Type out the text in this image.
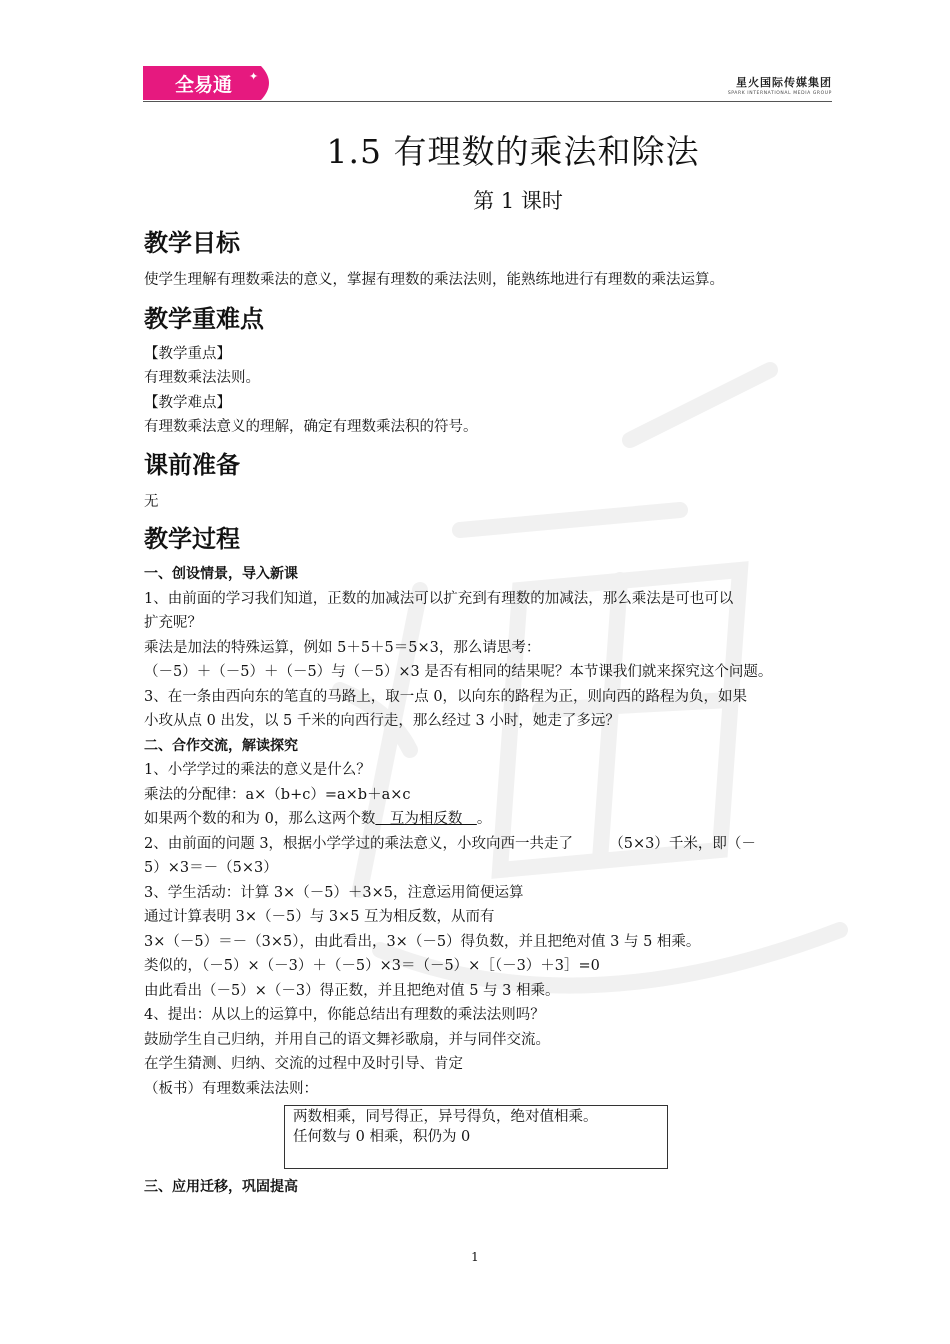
全易通 ✦	星火国际传媒集团
SPARK INTERNATIONAL MEDIA GROUP
1.5 有理数的乘法和除法
第 1 课时
教学目标
使学生理解有理数乘法的意义，掌握有理数的乘法法则，能熟练地进行有理数的乘法运算。
教学重难点
【教学重点】
有理数乘法法则。
【教学难点】
有理数乘法意义的理解，确定有理数乘法积的符号。
课前准备
无
教学过程
一、创设情景，导入新课
1、由前面的学习我们知道，正数的加减法可以扩充到有理数的加减法，那么乘法是可也可以
扩充呢？
乘法是加法的特殊运算，例如 5＋5＋5＝5×3，那么请思考：
（－5）＋（－5）＋（－5）与（－5）×3 是否有相同的结果呢？本节课我们就来探究这个问题。
3、在一条由西向东的笔直的马路上，取一点 0，以向东的路程为正，则向西的路程为负，如果
小玫从点 0 出发，以 5 千米的向西行走，那么经过 3 小时，她走了多远？
二、合作交流，解读探究
1、小学学过的乘法的意义是什么？
乘法的分配律：a×（b+c）=a×b＋a×c
如果两个数的和为 0，那么这两个数　互为相反数　。
2、由前面的问题 3，根据小学学过的乘法意义，小玫向西一共走了　　　（5×3）千米，即（－
5）×3＝－（5×3）
3、学生活动：计算 3×（－5）＋3×5，注意运用简便运算
通过计算表明 3×（－5）与 3×5 互为相反数，从而有
3×（－5）＝－（3×5），由此看出，3×（－5）得负数，并且把绝对值 3 与 5 相乘。
类似的，（－5）×（－3）＋（－5）×3＝（－5）×［（－3）＋3］=0
由此看出（－5）×（－3）得正数，并且把绝对值 5 与 3 相乘。
4、提出：从以上的运算中，你能总结出有理数的乘法法则吗？
鼓励学生自己归纳，并用自己的语文舞衫歌扇，并与同伴交流。
在学生猜测、归纳、交流的过程中及时引导、肯定
（板书）有理数乘法法则：
两数相乘，同号得正，异号得负，绝对值相乘。
任何数与 0 相乘，积仍为 0
三、应用迁移，巩固提高
1
